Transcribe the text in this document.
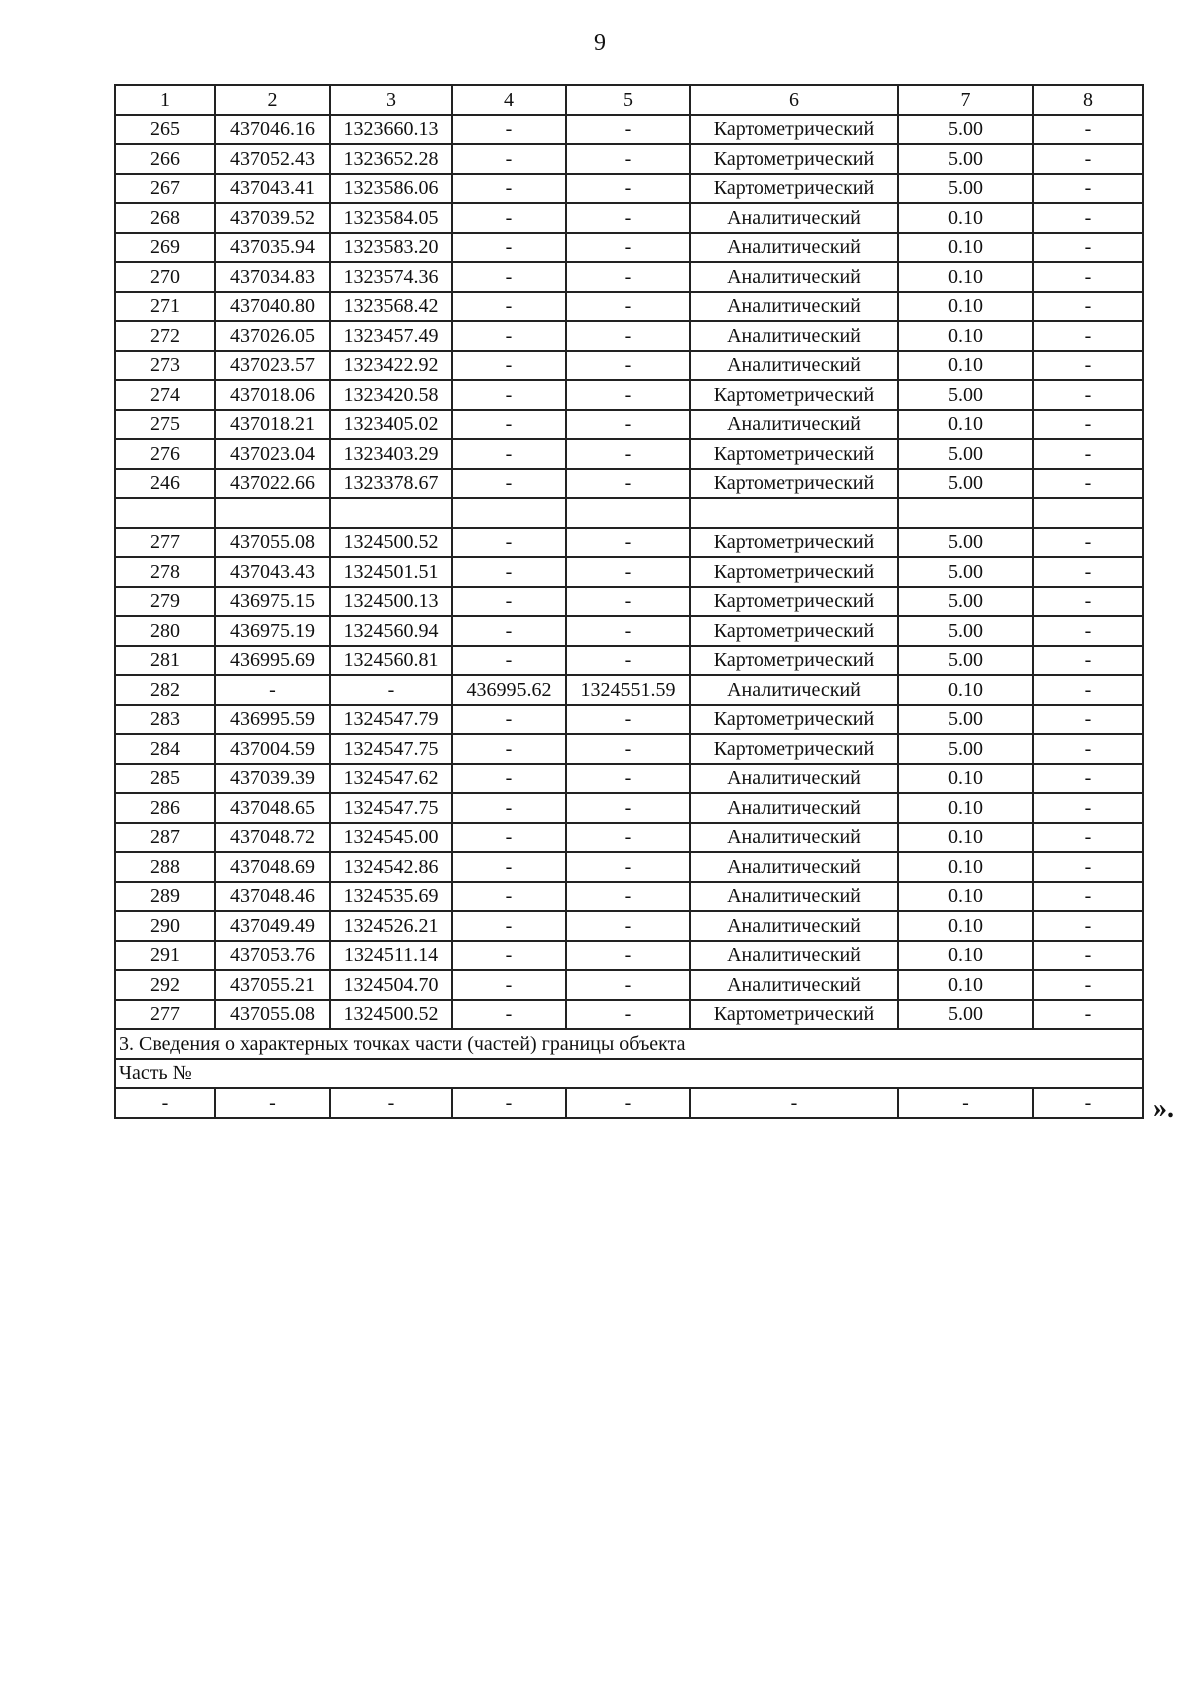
9
1	2	3	4	5	6	7	8
265	437046.16	1323660.13	-	-	Картометрический	5.00	-
266	437052.43	1323652.28	-	-	Картометрический	5.00	-
267	437043.41	1323586.06	-	-	Картометрический	5.00	-
268	437039.52	1323584.05	-	-	Аналитический	0.10	-
269	437035.94	1323583.20	-	-	Аналитический	0.10	-
270	437034.83	1323574.36	-	-	Аналитический	0.10	-
271	437040.80	1323568.42	-	-	Аналитический	0.10	-
272	437026.05	1323457.49	-	-	Аналитический	0.10	-
273	437023.57	1323422.92	-	-	Аналитический	0.10	-
274	437018.06	1323420.58	-	-	Картометрический	5.00	-
275	437018.21	1323405.02	-	-	Аналитический	0.10	-
276	437023.04	1323403.29	-	-	Картометрический	5.00	-
246	437022.66	1323378.67	-	-	Картометрический	5.00	-

277	437055.08	1324500.52	-	-	Картометрический	5.00	-
278	437043.43	1324501.51	-	-	Картометрический	5.00	-
279	436975.15	1324500.13	-	-	Картометрический	5.00	-
280	436975.19	1324560.94	-	-	Картометрический	5.00	-
281	436995.69	1324560.81	-	-	Картометрический	5.00	-
282	-	-	436995.62	1324551.59	Аналитический	0.10	-
283	436995.59	1324547.79	-	-	Картометрический	5.00	-
284	437004.59	1324547.75	-	-	Картометрический	5.00	-
285	437039.39	1324547.62	-	-	Аналитический	0.10	-
286	437048.65	1324547.75	-	-	Аналитический	0.10	-
287	437048.72	1324545.00	-	-	Аналитический	0.10	-
288	437048.69	1324542.86	-	-	Аналитический	0.10	-
289	437048.46	1324535.69	-	-	Аналитический	0.10	-
290	437049.49	1324526.21	-	-	Аналитический	0.10	-
291	437053.76	1324511.14	-	-	Аналитический	0.10	-
292	437055.21	1324504.70	-	-	Аналитический	0.10	-
277	437055.08	1324500.52	-	-	Картометрический	5.00	-
3. Сведения о характерных точках части (частей) границы объекта							
Часть №							
-	-	-	-	-	-	-	- ».
